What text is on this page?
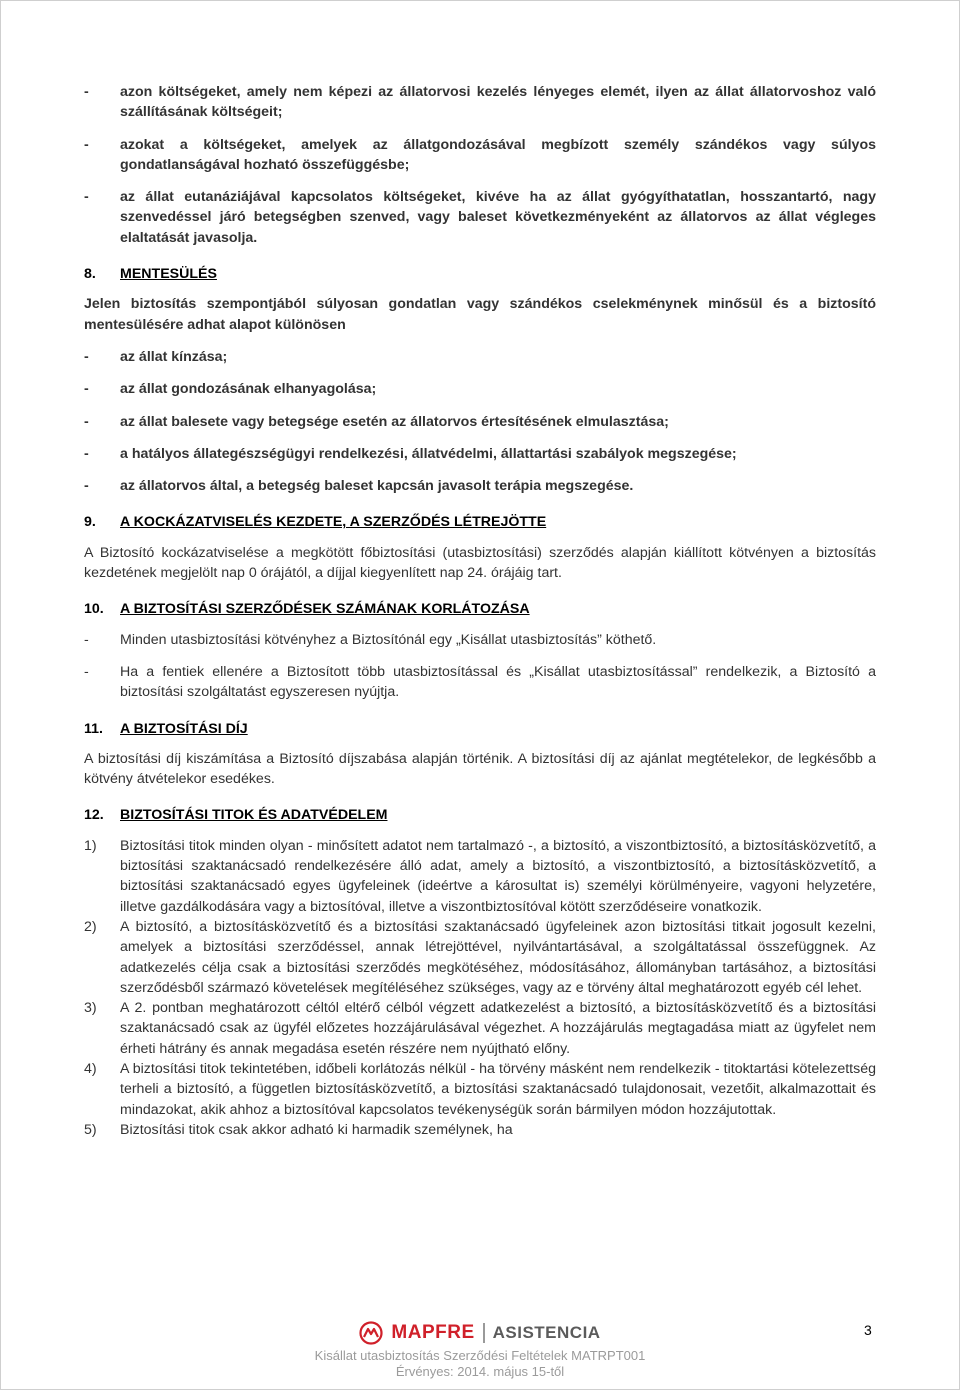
-	azon költségeket, amely nem képezi az állatorvosi kezelés lényeges elemét, ilyen az állat állatorvoshoz való szállításának költségeit;
-	azokat a költségeket, amelyek az állatgondozásával megbízott személy szándékos vagy súlyos gondatlanságával hozható összefüggésbe;
-	az állat eutanáziájával kapcsolatos költségeket, kivéve ha az állat gyógyíthatatlan, hosszantartó, nagy szenvedéssel járó betegségben szenved, vagy baleset következményeként az állatorvos az állat végleges elaltatását javasolja.
8.	MENTESÜLÉS

Jelen biztosítás szempontjából súlyosan gondatlan vagy szándékos cselekménynek minősül és a biztosító mentesülésére adhat alapot különösen

-	az állat kínzása;
-	az állat gondozásának elhanyagolása;
-	az állat balesete vagy betegsége esetén az állatorvos értesítésének elmulasztása;
-	a hatályos állategészségügyi rendelkezési, állatvédelmi, állattartási szabályok megszegése;
-	az állatorvos által, a betegség baleset kapcsán javasolt terápia megszegése.
9.	A KOCKÁZATVISELÉS KEZDETE, A SZERZŐDÉS LÉTREJÖTTE

A Biztosító kockázatviselése a megkötött főbiztosítási (utasbiztosítási) szerződés alapján kiállított kötvényen a biztosítás kezdetének megjelölt nap 0 órájától, a díjjal kiegyenlített nap 24. órájáig tart.

10.	A BIZTOSÍTÁSI SZERZŐDÉSEK SZÁMÁNAK KORLÁTOZÁSA
-	Minden utasbiztosítási kötvényhez a Biztosítónál egy „Kisállat utasbiztosítás” köthető.
-	Ha a fentiek ellenére a Biztosított több utasbiztosítással és „Kisállat utasbiztosítással” rendelkezik, a Biztosító a biztosítási szolgáltatást egyszeresen nyújtja.
11.	A BIZTOSÍTÁSI DÍJ

A biztosítási díj kiszámítása a Biztosító díjszabása alapján történik. A biztosítási díj az ajánlat megtételekor, de legkésőbb a kötvény átvételekor esedékes.

12.	BIZTOSÍTÁSI TITOK ÉS ADATVÉDELEM
1)	Biztosítási titok minden olyan - minősített adatot nem tartalmazó -, a biztosító, a viszontbiztosító, a biztosításközvetítő, a biztosítási szaktanácsadó rendelkezésére álló adat, amely a biztosító, a viszontbiztosító, a biztosításközvetítő, a biztosítási szaktanácsadó egyes ügyfeleinek (ideértve a károsultat is) személyi körülményeire, vagyoni helyzetére, illetve gazdálkodására vagy a biztosítóval, illetve a viszontbiztosítóval kötött szerződéseire vonatkozik.
2)	A biztosító, a biztosításközvetítő és a biztosítási szaktanácsadó ügyfeleinek azon biztosítási titkait jogosult kezelni, amelyek a biztosítási szerződéssel, annak létrejöttével, nyilvántartásával, a szolgáltatással összefüggnek. Az adatkezelés célja csak a biztosítási szerződés megkötéséhez, módosításához, állományban tartásához, a biztosítási szerződésből származó követelések megítéléséhez szükséges, vagy az e törvény által meghatározott egyéb cél lehet.
3)	A 2. pontban meghatározott céltól eltérő célból végzett adatkezelést a biztosító, a biztosításközvetítő és a biztosítási szaktanácsadó csak az ügyfél előzetes hozzájárulásával végezhet. A hozzájárulás megtagadása miatt az ügyfelet nem érheti hátrány és annak megadása esetén részére nem nyújtható előny.
4)	A biztosítási titok tekintetében, időbeli korlátozás nélkül - ha törvény másként nem rendelkezik - titoktartási kötelezettség terheli a biztosító, a független biztosításközvetítő, a biztosítási szaktanácsadó tulajdonosait, vezetőit, alkalmazottait és mindazokat, akik ahhoz a biztosítóval kapcsolatos tevékenységük során bármilyen módon hozzájutottak.
5)	Biztosítási titok csak akkor adható ki harmadik személynek, ha
MAPFRE ASISTENCIA
Kisállat utasbiztosítás Szerződési Feltételek MATRPT001
Érvényes: 2014. május 15-től
3
